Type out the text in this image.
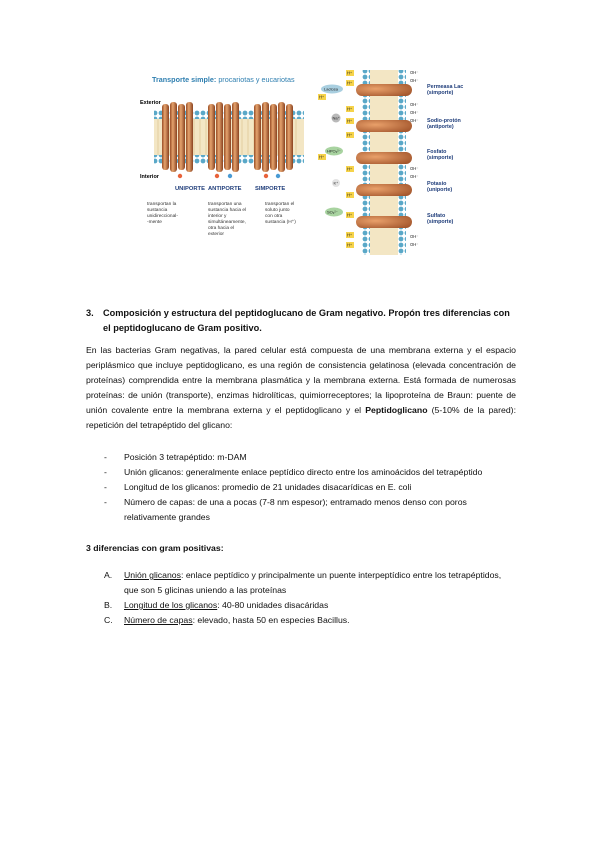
Transporte simple: procariotas y eucariotas
Exterior
Interior
UNIPORTE ANTIPORTE SIMPORTE
transportan la
sustancia
unidireccional-
-mente
transportan una
sustancia hacia el
interior y
simultáneamente,
otra hacia el
exterior
transportan el
soluto junto
con otra
sustancia (H⁺)
H⁺
H⁺
H⁺
H⁺
H⁺
H⁺
H⁺
H⁺
H⁺
H⁺
H⁺
H⁺
OH⁻
OH⁻
OH⁻
OH⁻
OH⁻
OH⁻
OH⁻
OH⁻
OH⁻
Lactosa
Na⁺
HPO₄²⁻
K⁺
SO₄²⁻
Permeasa Lac
(simporte)
Sodio-protón
(antiporte)
Fosfato
(simporte)
Potasio
(uniporte)
Sulfato
(simporte)
3. Composición y estructura del peptidoglucano de Gram negativo. Propón tres diferencias con el peptidoglucano de Gram positivo.
En las bacterias Gram negativas, la pared celular está compuesta de una membrana externa y el espacio periplásmico que incluye peptidoglicano, es una región de consistencia gelatinosa (elevada concentración de proteínas) comprendida entre la membrana plasmática y la membrana externa. Está formada de numerosas proteínas: de unión (transporte), enzimas hidrolíticas, quimiorreceptores; la lipoproteína de Braun: puente de unión covalente entre la membrana externa y el peptidoglicano y el Peptidoglicano (5-10% de la pared): repetición del tetrapéptido del glicano:
- Posición 3 tetrapéptido: m-DAM
- Unión glicanos: generalmente enlace peptídico directo entre los aminoácidos del tetrapéptido
- Longitud de los glicanos: promedio de 21 unidades disacarídicas en E. coli
- Número de capas: de una a pocas (7-8 nm espesor); entramado menos denso con poros relativamente grandes
3 diferencias con gram positivas:
A. Unión glicanos: enlace peptídico y principalmente un puente interpeptídico entre los tetrapéptidos, que son 5 glicinas uniendo a las proteínas
B. Longitud de los glicanos: 40-80 unidades disacáridas
C. Número de capas: elevado, hasta 50 en especies Bacillus.
